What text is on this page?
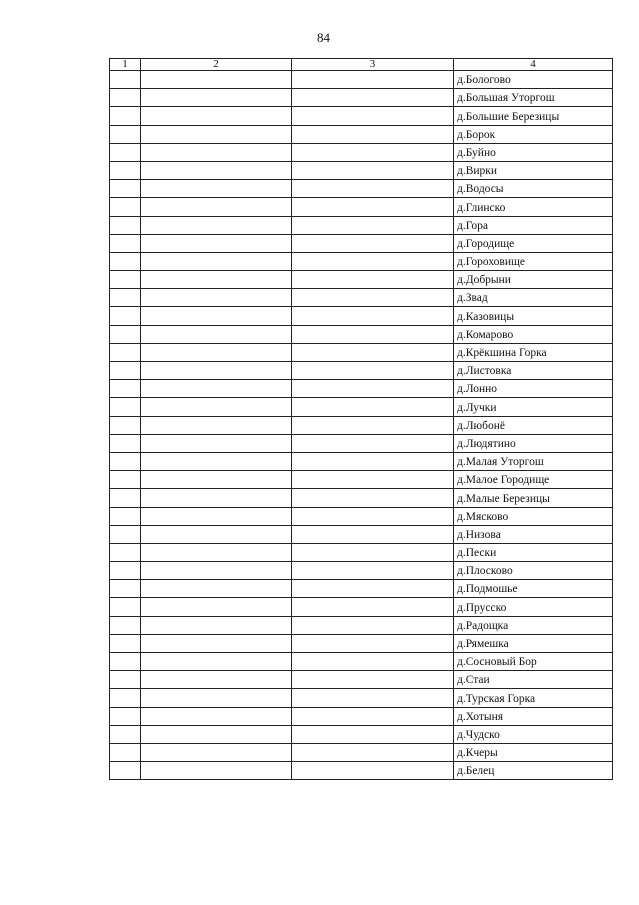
84
1	2	3	4
			д.Бологово
			д.Большая Уторгош
			д.Большие Березицы
			д.Борок
			д.Буйно
			д.Вирки
			д.Водосы
			д.Глинско
			д.Гора
			д.Городище
			д.Гороховище
			д.Добрыни
			д.Звад
			д.Казовицы
			д.Комарово
			д.Крёкшина Горка
			д.Листовка
			д.Лонно
			д.Лучки
			д.Любонё
			д.Людятино
			д.Малая Уторгош
			д.Малое Городище
			д.Малые Березицы
			д.Мясково
			д.Низова
			д.Пески
			д.Плосково
			д.Подмошье
			д.Прусско
			д.Радощка
			д.Рямешка
			д.Сосновый Бор
			д.Стаи
			д.Турская Горка
			д.Хотыня
			д.Чудско
			д.Кчеры
			д.Белец
